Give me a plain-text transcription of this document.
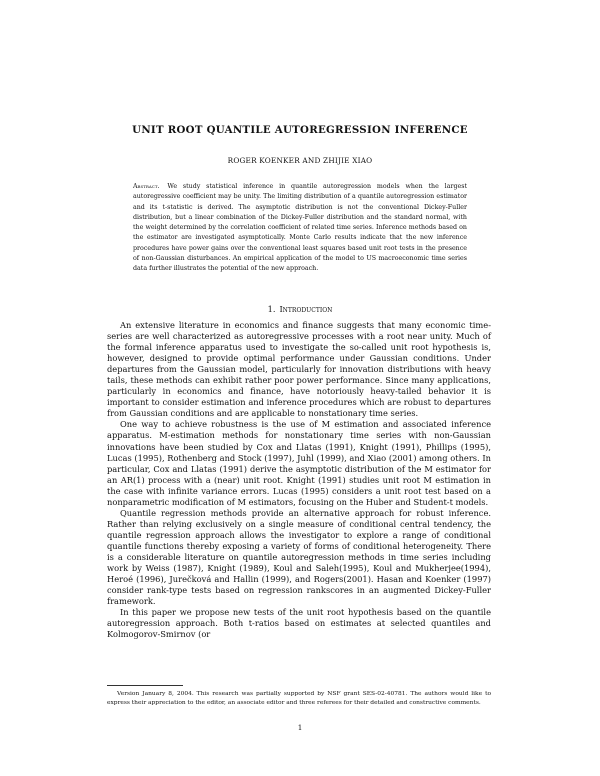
UNIT ROOT QUANTILE AUTOREGRESSION INFERENCE
ROGER KOENKER AND ZHIJIE XIAO
Abstract. We study statistical inference in quantile autoregression models when the largest autoregressive coefficient may be unity. The limiting distribution of a quantile autoregression estimator and its t-statistic is derived. The asymptotic distribution is not the conventional Dickey-Fuller distribution, but a linear combination of the Dickey-Fuller distribution and the standard normal, with the weight determined by the correlation coefficient of related time series. Inference methods based on the estimator are investigated asymptotically. Monte Carlo results indicate that the new inference procedures have power gains over the conventional least squares based unit root tests in the presence of non-Gaussian disturbances. An empirical application of the model to US macroeconomic time series data further illustrates the potential of the new approach.
1. Introduction

An extensive literature in economics and finance suggests that many economic time-series are well characterized as autoregressive processes with a root near unity. Much of the formal inference apparatus used to investigate the so-called unit root hypothesis is, however, designed to provide optimal performance under Gaussian conditions. Under departures from the Gaussian model, particularly for innovation distributions with heavy tails, these methods can exhibit rather poor power performance. Since many applications, particularly in economics and finance, have notoriously heavy-tailed behavior it is important to consider estimation and inference procedures which are robust to departures from Gaussian conditions and are applicable to nonstationary time series.

One way to achieve robustness is the use of M estimation and associated inference apparatus. M-estimation methods for nonstationary time series with non-Gaussian innovations have been studied by Cox and Llatas (1991), Knight (1991), Phillips (1995), Lucas (1995), Rothenberg and Stock (1997), Juhl (1999), and Xiao (2001) among others. In particular, Cox and Llatas (1991) derive the asymptotic distribution of the M estimator for an AR(1) process with a (near) unit root. Knight (1991) studies unit root M estimation in the case with infinite variance errors. Lucas (1995) considers a unit root test based on a nonparametric modification of M estimators, focusing on the Huber and Student-t models.

Quantile regression methods provide an alternative approach for robust inference. Rather than relying exclusively on a single measure of conditional central tendency, the quantile regression approach allows the investigator to explore a range of conditional quantile functions thereby exposing a variety of forms of conditional heterogeneity. There is a considerable literature on quantile autoregression methods in time series including work by Weiss (1987), Knight (1989), Koul and Saleh(1995), Koul and Mukherjee(1994), Heroé (1996), Jurečková and Hallin (1999), and Rogers(2001). Hasan and Koenker (1997) consider rank-type tests based on regression rankscores in an augmented Dickey-Fuller framework.

In this paper we propose new tests of the unit root hypothesis based on the quantile autoregression approach. Both t-ratios based on estimates at selected quantiles and Kolmogorov-Smirnov (or

Version January 8, 2004. This research was partially supported by NSF grant SES-02-40781. The authors would like to express their appreciation to the editor, an associate editor and three referees for their detailed and constructive comments.
1
